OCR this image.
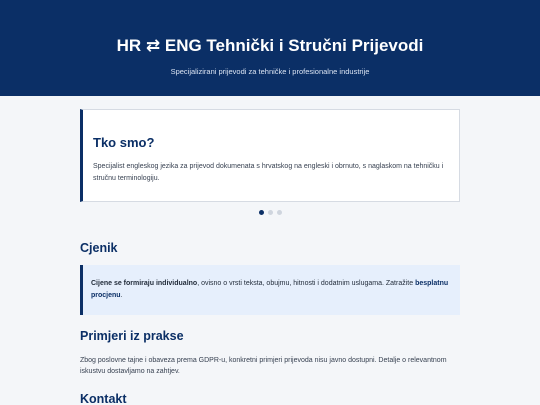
HR ⇄ ENG Tehnički i Stručni Prijevodi

Specijalizirani prijevodi za tehničke i profesionalne industrije

Tko smo?

Specijalist engleskog jezika za prijevod dokumenata s hrvatskog na engleski i obrnuto, s naglaskom na tehničku i stručnu terminologiju.

Cjenik
Cijene se formiraju individualno, ovisno o vrsti teksta, obujmu, hitnosti i dodatnim uslugama. Zatražite besplatnu procjenu.
Primjeri iz prakse

Zbog poslovne tajne i obaveza prema GDPR-u, konkretni primjeri prijevoda nisu javno dostupni. Detalje o relevantnom iskustvu dostavljamo na zahtjev.

Kontakt
